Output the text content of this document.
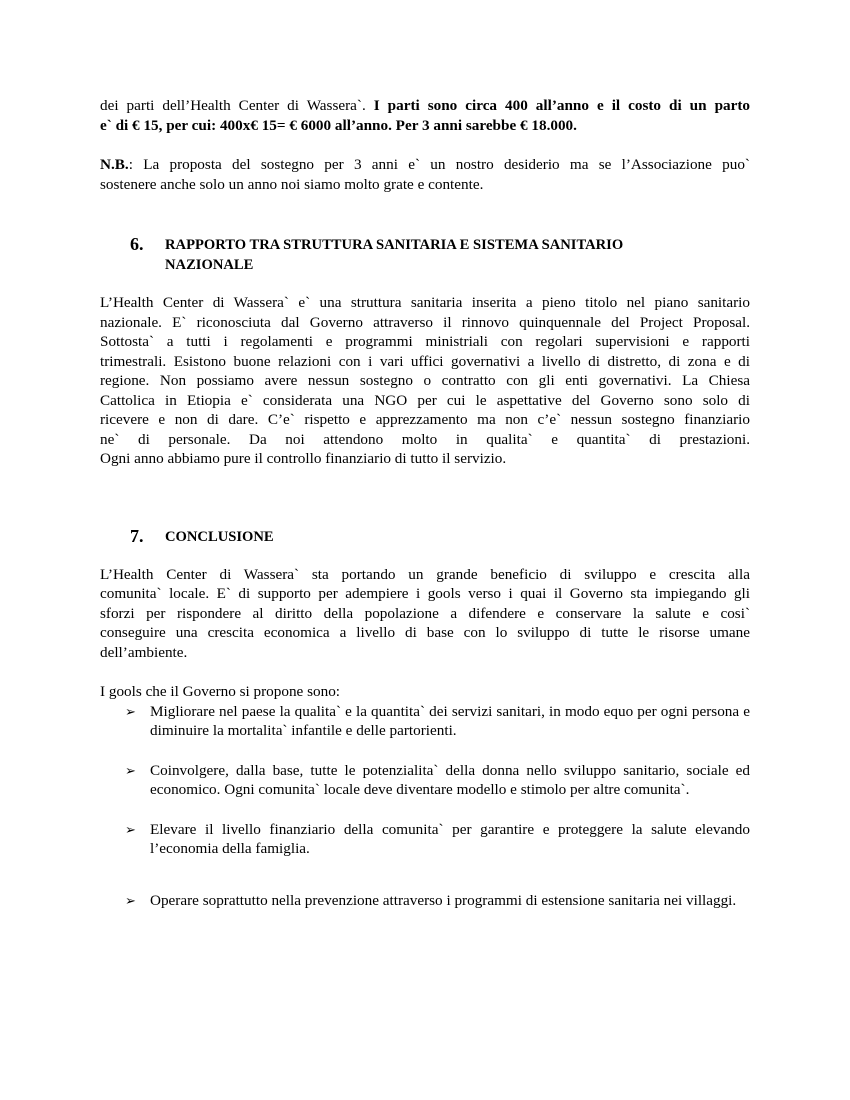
dei parti dell’Health Center di Wassera`. I parti sono circa 400 all’anno e il costo di un parto

e` di € 15, per cui: 400x€ 15= € 6000 all’anno. Per 3 anni sarebbe € 18.000.

N.B.: La proposta del sostegno per 3 anni e` un nostro desiderio ma se l’Associazione puo`

sostenere anche solo un anno noi siamo molto grate e contente.

6.	RAPPORTO TRA STRUTTURA SANITARIA E SISTEMA SANITARIO
NAZIONALE

L’Health Center di Wassera` e` una struttura sanitaria inserita a pieno titolo nel piano sanitario

nazionale. E` riconosciuta dal Governo attraverso il rinnovo quinquennale del Project Proposal.

Sottosta` a tutti i regolamenti e programmi ministriali con regolari supervisioni e rapporti

trimestrali. Esistono buone relazioni con i vari uffici governativi a livello di distretto, di zona e di

regione. Non possiamo avere nessun sostegno o contratto con gli enti governativi. La Chiesa

Cattolica in Etiopia e` considerata una NGO per cui le aspettative del Governo sono solo di

ricevere e non di dare. C’e` rispetto e apprezzamento ma non c’e` nessun sostegno finanziario

ne` di personale. Da noi attendono molto in qualita` e quantita` di prestazioni.

Ogni anno abbiamo pure il controllo finanziario di tutto il servizio.

7.	CONCLUSIONE

L’Health Center di Wassera` sta portando un grande beneficio di sviluppo e crescita alla

comunita` locale. E` di supporto per adempiere i gools verso i quai il Governo sta impiegando gli

sforzi per rispondere al diritto della popolazione a difendere e conservare la salute e cosi`

conseguire una crescita economica a livello di base con lo sviluppo di tutte le risorse umane

dell’ambiente.

I gools che il Governo si propone sono:

➢ Migliorare nel paese la qualita` e la quantita` dei servizi sanitari, in modo equo per ogni persona e diminuire la mortalita` infantile e delle partorienti.
➢ Coinvolgere, dalla base, tutte le potenzialita` della donna nello sviluppo sanitario, sociale ed economico. Ogni comunita` locale deve diventare modello e stimolo per altre comunita`.
➢ Elevare il livello finanziario della comunita` per garantire e proteggere la salute elevando l’economia della famiglia.
➢ Operare soprattutto nella prevenzione attraverso i programmi di estensione sanitaria nei villaggi.
